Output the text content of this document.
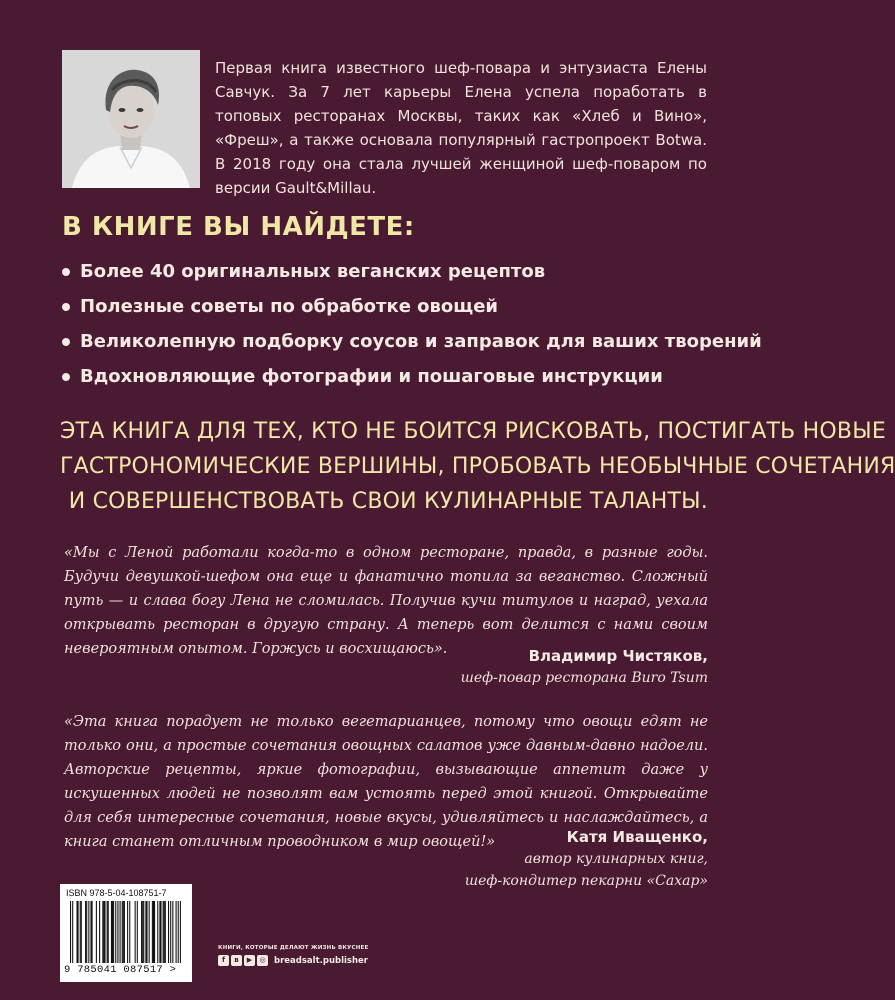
Первая книга известного шеф-повара и энтузиаста Елены Савчук. За 7 лет карьеры Елена успела поработать в топовых ресторанах Москвы, таких как «Хлеб и Вино», «Фреш», а также основала популярный гастропроект Botwa. В 2018 году она стала лучшей женщиной шеф-поваром по версии Gault&Millau.
В КНИГЕ ВЫ НАЙДЕТЕ:
Более 40 оригинальных веганских рецептов
Полезные советы по обработке овощей
Великолепную подборку соусов и заправок для ваших творений
Вдохновляющие фотографии и пошаговые инструкции
ЭТА КНИГА ДЛЯ ТЕХ, КТО НЕ БОИТСЯ РИСКОВАТЬ, ПОСТИГАТЬ НОВЫЕ
ГАСТРОНОМИЧЕСКИЕ ВЕРШИНЫ, ПРОБОВАТЬ НЕОБЫЧНЫЕ СОЧЕТАНИЯ
И СОВЕРШЕНСТВОВАТЬ СВОИ КУЛИНАРНЫЕ ТАЛАНТЫ.
«Мы с Леной работали когда-то в одном ресторане, правда, в разные годы. Будучи девушкой-шефом она еще и фанатично топила за веганство. Сложный путь — и слава богу Лена не сломилась. Получив кучи титулов и наград, уехала открывать ресторан в другую страну. А теперь вот делится с нами своим невероятным опытом. Горжусь и восхищаюсь».	Владимир Чистяков,
шеф-повар ресторана Buro Tsum
«Эта книга порадует не только вегетарианцев, потому что овощи едят не только они, а простые сочетания овощных салатов уже давным-давно надоели. Авторские рецепты, яркие фотографии, вызывающие аппетит даже у искушенных людей не позволят вам устоять перед этой книгой. Открывайте для себя интересные сочетания, новые вкусы, удивляйтесь и наслаждайтесь, а книга станет отличным проводником в мир овощей!»	Катя Иващенко,
автор кулинарных книг,
шеф-кондитер пекарни «Сахар»
ISBN 978-5-04-108751-7
9 785041 087517 >
КНИГИ, КОТОРЫЕ ДЕЛАЮТ ЖИЗНЬ ВКУСНЕЕ
f	в	▶	◎ breadsalt.publisher
